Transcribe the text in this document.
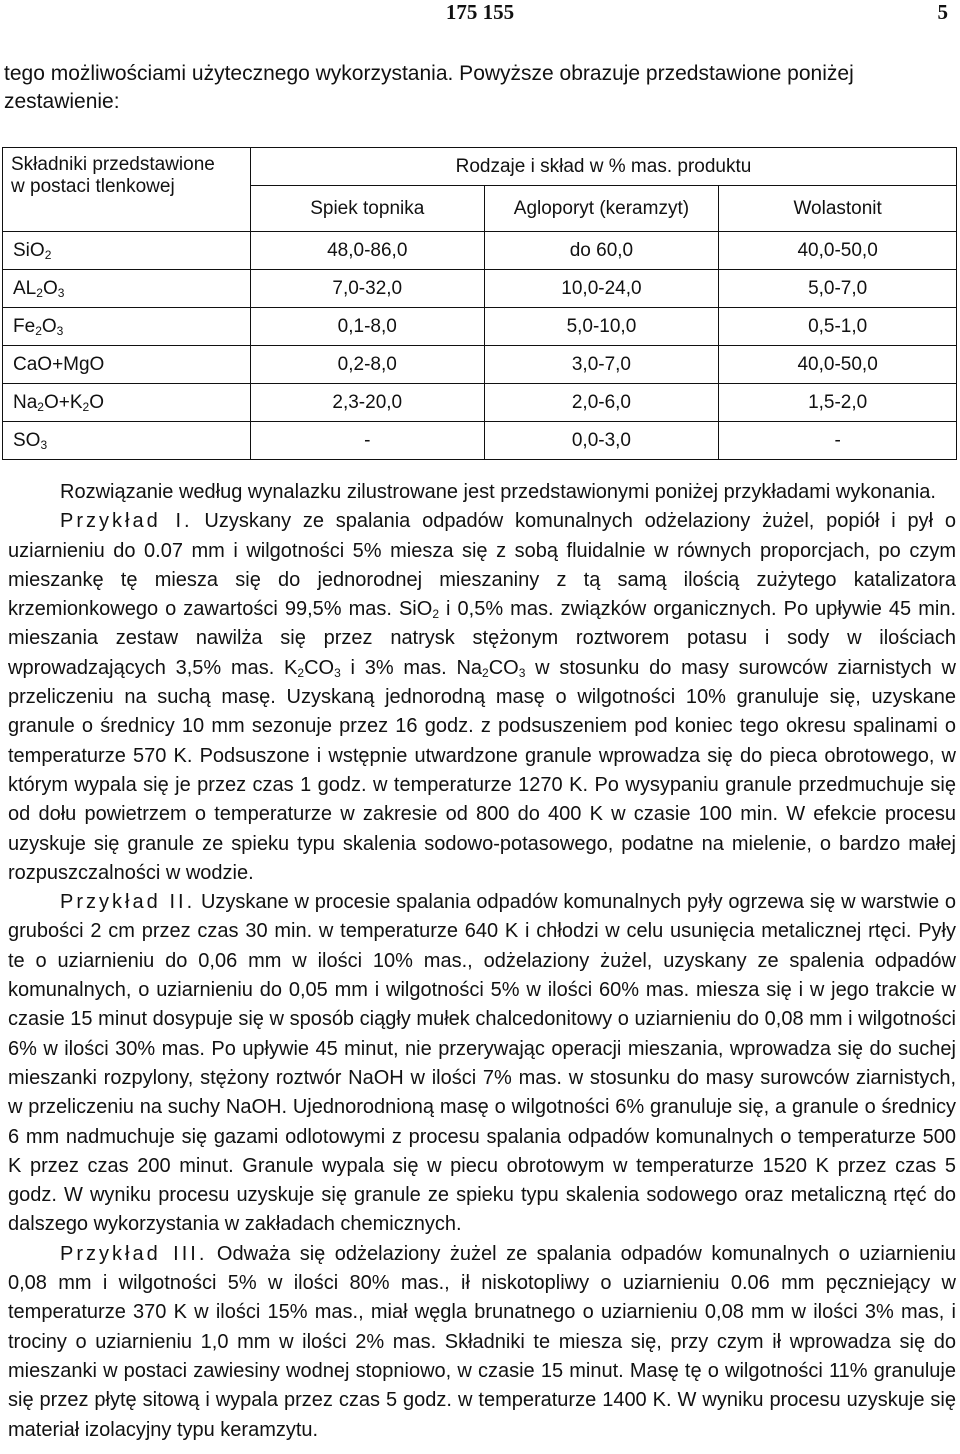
175 155	5
tego możliwościami użytecznego wykorzystania. Powyższe obrazuje przedstawione poniżej zestawienie:
Składniki przedstawione w postaci tlenkowej	Rodzaje i skład w % mas. produktu		
	Spiek topnika	Agloporyt (keramzyt)	Wolastonit
SiO$_2$	48,0-86,0	do 60,0	40,0-50,0
$AL_2O_3$	7,0-32,0	10,0-24,0	5,0-7,0
$Fe_2O_3$	0,1-8,0	5,0-10,0	0,5-1,0
CaO+MgO	0,2-8,0	3,0-7,0	40,0-50,0
$Na_2O+K_2O$	2,3-20,0	2,0-6,0	1,5-2,0
$SO_3$	-	0,0-3,0	-

Rozwiązanie według wynalazku zilustrowane jest przedstawionymi poniżej przykładami wykonania.

Przykład I. Uzyskany ze spalania odpadów komunalnych odżelaziony żużel, popiół i pył o uziarnieniu do 0.07 mm i wilgotności 5% miesza się z sobą fluidalnie w równych proporcjach, po czym mieszankę tę miesza się do jednorodnej mieszaniny z tą samą ilością zużytego katalizatora krzemionkowego o zawartości 99,5% mas. SiO$_2$ i 0,5% mas. związków organicznych. Po upływie 45 min. mieszania zestaw nawilża się przez natrysk stężonym roztworem potasu i sody w ilościach wprowadzających 3,5% mas. $K_2CO_3$ i 3% mas. $Na_2CO_3$ w stosunku do masy surowców ziarnistych w przeliczeniu na suchą masę. Uzyskaną jednorodną masę o wilgotności 10% granuluje się, uzyskane granule o średnicy 10 mm sezonuje przez 16 godz. z podsuszeniem pod koniec tego okresu spalinami o temperaturze 570 K. Podsuszone i wstępnie utwardzone granule wprowadza się do pieca obrotowego, w którym wypala się je przez czas 1 godz. w temperaturze 1270 K. Po wysypaniu granule przedmuchuje się od dołu powietrzem o temperaturze w zakresie od 800 do 400 K w czasie 100 min. W efekcie procesu uzyskuje się granule ze spieku typu skalenia sodowo-potasowego, podatne na mielenie, o bardzo małej rozpuszczalności w wodzie.

Przykład II. Uzyskane w procesie spalania odpadów komunalnych pyły ogrzewa się w warstwie o grubości 2 cm przez czas 30 min. w temperaturze 640 K i chłodzi w celu usunięcia metalicznej rtęci. Pyły te o uziarnieniu do 0,06 mm w ilości 10% mas., odżelaziony żużel, uzyskany ze spalenia odpadów komunalnych, o uziarnieniu do 0,05 mm i wilgotności 5% w ilości 60% mas. miesza się i w jego trakcie w czasie 15 minut dosypuje się w sposób ciągły mułek chalcedonitowy o uziarnieniu do 0,08 mm i wilgotności 6% w ilości 30% mas. Po upływie 45 minut, nie przerywając operacji mieszania, wprowadza się do suchej mieszanki rozpylony, stężony roztwór NaOH w ilości 7% mas. w stosunku do masy surowców ziarnistych, w przeliczeniu na suchy NaOH. Ujednorodnioną masę o wilgotności 6% granuluje się, a granule o średnicy 6 mm nadmuchuje się gazami odlotowymi z procesu spalania odpadów komunalnych o temperaturze 500 K przez czas 200 minut. Granule wypala się w piecu obrotowym w temperaturze 1520 K przez czas 5 godz. W wyniku procesu uzyskuje się granule ze spieku typu skalenia sodowego oraz metaliczną rtęć do dalszego wykorzystania w zakładach chemicznych.

Przykład III. Odważa się odżelaziony żużel ze spalania odpadów komunalnych o uziarnieniu 0,08 mm i wilgotności 5% w ilości 80% mas., ił niskotopliwy o uziarnieniu 0.06 mm pęczniejący w temperaturze 370 K w ilości 15% mas., miał węgla brunatnego o uziarnieniu 0,08 mm w ilości 3% mas, i trociny o uziarnieniu 1,0 mm w ilości 2% mas. Składniki te miesza się, przy czym ił wprowadza się do mieszanki w postaci zawiesiny wodnej stopniowo, w czasie 15 minut. Masę tę o wilgotności 11% granuluje się przez płytę sitową i wypala przez czas 5 godz. w temperaturze 1400 K. W wyniku procesu uzyskuje się materiał izolacyjny typu keramzytu.
